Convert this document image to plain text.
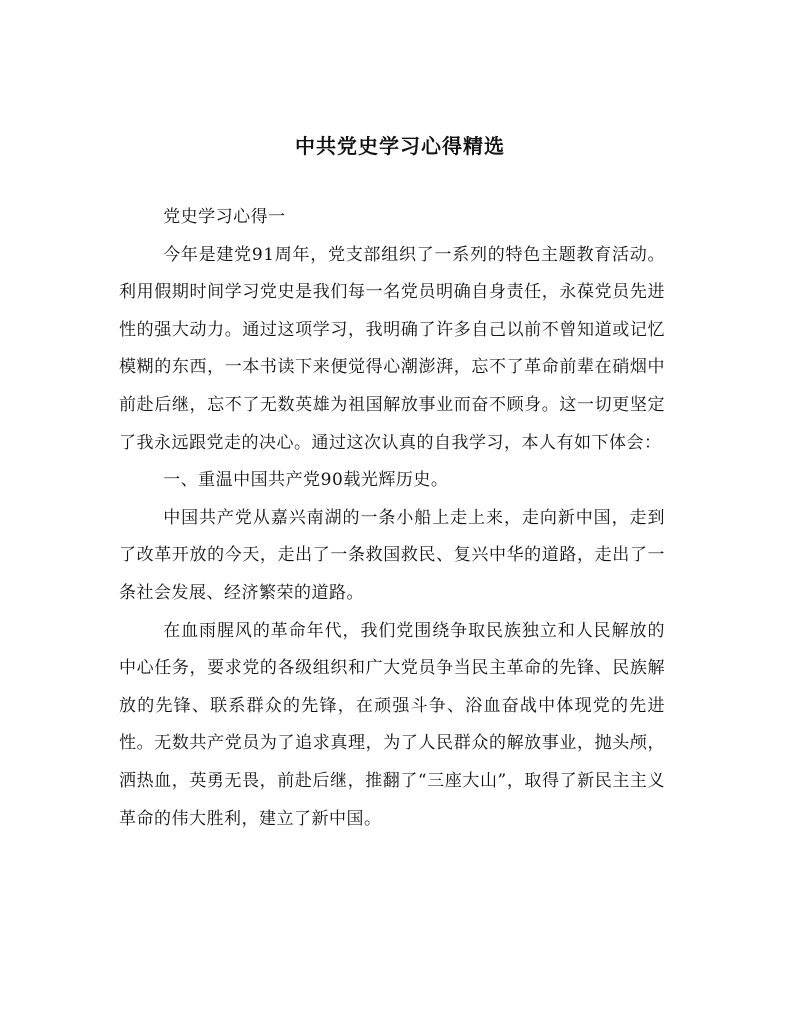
中共党史学习心得精选

党史学习心得一

今年是建党91周年，党支部组织了一系列的特色主题教育活动。利用假期时间学习党史是我们每一名党员明确自身责任，永葆党员先进性的强大动力。通过这项学习，我明确了许多自己以前不曾知道或记忆模糊的东西，一本书读下来便觉得心潮澎湃，忘不了革命前辈在硝烟中前赴后继，忘不了无数英雄为祖国解放事业而奋不顾身。这一切更坚定了我永远跟党走的决心。通过这次认真的自我学习，本人有如下体会：

一、重温中国共产党90载光辉历史。

中国共产党从嘉兴南湖的一条小船上走上来，走向新中国，走到了改革开放的今天，走出了一条救国救民、复兴中华的道路，走出了一条社会发展、经济繁荣的道路。

在血雨腥风的革命年代，我们党围绕争取民族独立和人民解放的中心任务，要求党的各级组织和广大党员争当民主革命的先锋、民族解放的先锋、联系群众的先锋，在顽强斗争、浴血奋战中体现党的先进性。无数共产党员为了追求真理，为了人民群众的解放事业，抛头颅，洒热血，英勇无畏，前赴后继，推翻了“三座大山”，取得了新民主主义革命的伟大胜利，建立了新中国。
